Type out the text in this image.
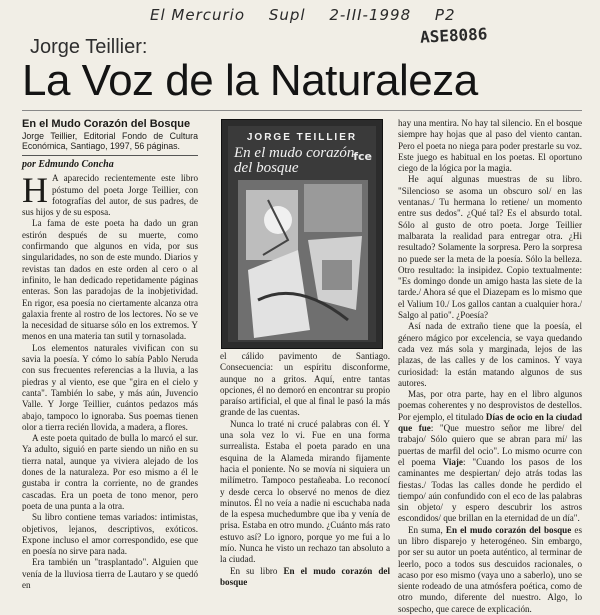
El Mercurio Supl 2-III-1998 P2
ASE8086
Jorge Teillier:
La Voz de la Naturaleza
En el Mudo Corazón del Bosque
Jorge Teillier, Editorial Fondo de Cultura Económica, Santiago, 1997, 56 páginas.
por Edmundo Concha

H A aparecido recientemente este libro póstumo del poeta Jorge Teillier, con fotografías del autor, de sus padres, de sus hijos y de su esposa.

La fama de este poeta ha dado un gran estirón después de su muerte, como confirmando que algunos en vida, por sus singularidades, no son de este mundo. Diarios y revistas tan dados en este orden al cero o al infinito, le han dedicado repetidamente páginas enteras. Son las paradojas de la inobjetividad. En rigor, esa poesía no ciertamente alcanza otra galaxia frente al rostro de los lectores. No se ve la necesidad de situarse sólo en los extremos. Y menos en una materia tan sutil y tornasolada.

Los elementos naturales vivifican con su savia la poesía. Y cómo lo sabía Pablo Neruda con sus frecuentes referencias a la lluvia, a las piedras y al viento, ese que "gira en el cielo y canta". También lo sabe, y más aún, Juvencio Valle. Y Jorge Teillier, cuántos pedazos más abajo, tampoco lo ignoraba. Sus poemas tienen olor a tierra recién llovida, a madera, a flores.

A este poeta quitado de bulla lo marcó el sur. Ya adulto, siguió en parte siendo un niño en su tierra natal, aunque ya viviera alejado de los dones de la naturaleza. Por eso mismo a él le gustaba ir contra la corriente, no de grandes cascadas. Era un poeta de tono menor, pero poeta de una punta a la otra.

Su libro contiene temas variados: intimistas, objetivos, lejanos, descriptivos, exóticos. Expone incluso el amor correspondido, ese que en poesía no sirve para nada.

Era también un "trasplantado". Alguien que venía de la lluviosa tierra de Lautaro y se quedó en

JORGE TEILLIER
En el mudo corazón del bosque
fce

el cálido pavimento de Santiago. Consecuencia: un espíritu disconforme, aunque no a gritos. Aquí, entre tantas opciones, él no demoró en encontrar su propio paraíso artificial, el que al final le pasó la más grande de las cuentas.

Nunca lo traté ni crucé palabras con él. Y una sola vez lo vi. Fue en una forma surrealista. Estaba el poeta parado en una esquina de la Alameda mirando fijamente hacia el poniente. No se movía ni siquiera un milímetro. Tampoco pestañeaba. Lo reconocí y desde cerca lo observé no menos de diez minutos. Él no veía a nadie ni escuchaba nada de la espesa muchedumbre que iba y venía de prisa. Estaba en otro mundo. ¿Cuánto más rato estuvo así? Lo ignoro, porque yo me fui a lo mío. Nunca he visto un rechazo tan absoluto a la ciudad.

En su libro En el mudo corazón del bosque

hay una mentira. No hay tal silencio. En el bosque siempre hay hojas que al paso del viento cantan. Pero el poeta no niega para poder prestarle su voz. Este juego es habitual en los poetas. El oportuno ciego de la lógica por la magia.

He aquí algunas muestras de su libro. "Silencioso se asoma un obscuro sol/ en las ventanas./ Tu hermana lo retiene/ un momento entre sus dedos". ¿Qué tal? Es el absurdo total. Sólo al gusto de otro poeta. Jorge Teillier malbarata la realidad para entregar otra. ¿Hi resultado? Solamente la sorpresa. Pero la sorpresa no puede ser la meta de la poesía. Sólo la belleza. Otro resultado: la insipidez. Copio textualmente: "Es domingo donde un amigo hasta las siete de la tarde./ Ahora sé que el Diazepam es lo mismo que el Valium 10./ Los gallos cantan a cualquier hora./ Salgo al patio". ¿Poesía?

Así nada de extraño tiene que la poesía, el género mágico por excelencia, se vaya quedando cada vez más sola y marginada, lejos de las plazas, de las calles y de los caminos. Y vaya curiosidad: la están matando algunos de sus autores.

Mas, por otra parte, hay en el libro algunos poemas coherentes y no desprovistos de destellos. Por ejemplo, el titulado Días de ocio en la ciudad que fue: "Que muestro señor me libre/ del trabajo/ Sólo quiero que se abran para mí/ las puertas de marfil del ocio". Lo mismo ocurre con el poema Viaje: "Cuando los pasos de los caminantes me despiertan/ dejo atrás todas las fiestas./ Todas las calles donde he perdido el tiempo/ aún confundido con el eco de las palabras sin objeto/ y espero descubrir los astros escondidos/ que brillan en la eternidad de un día".

En suma, En el mudo corazón del bosque es un libro disparejo y heterogéneo. Sin embargo, por ser su autor un poeta auténtico, al terminar de leerlo, poco a todos sus descuidos racionales, o acaso por eso mismo (vaya uno a saberlo), uno se siente rodeado de una atmósfera poética, como de otro mundo, diferente del nuestro. Algo, lo sospecho, que carece de explicación.
